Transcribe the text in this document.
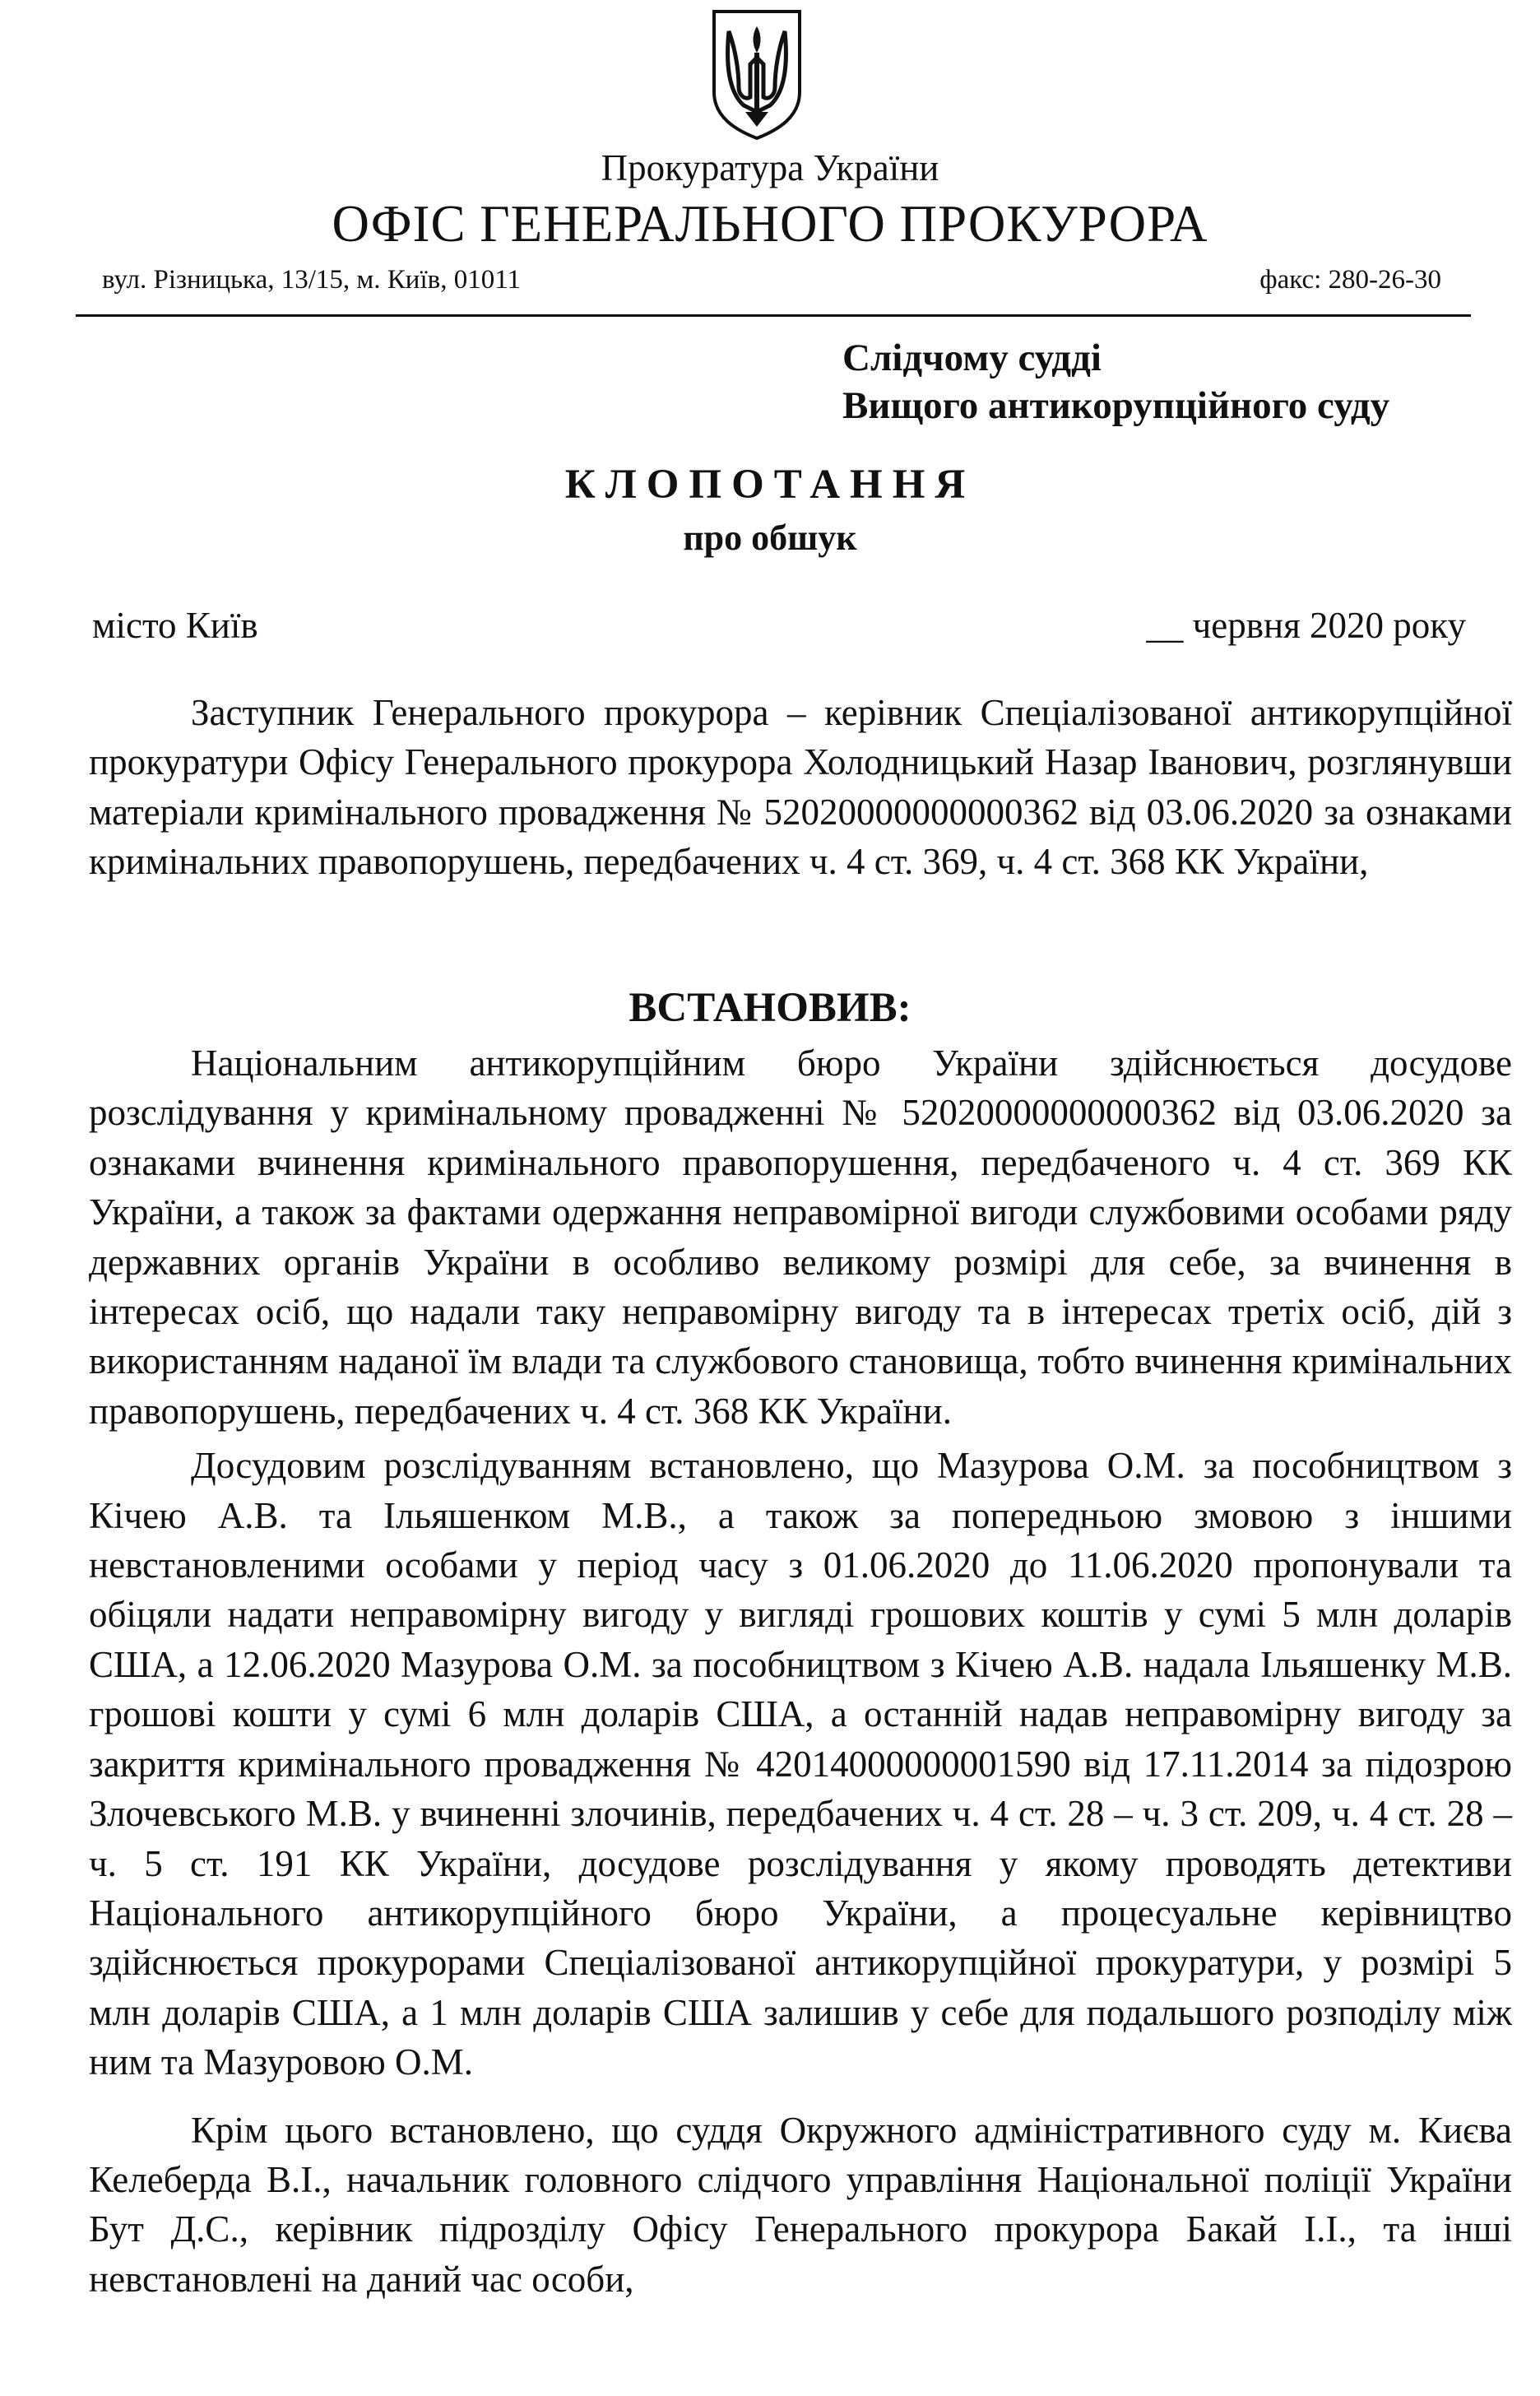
Прокуратура України
ОФІС ГЕНЕРАЛЬНОГО ПРОКУРОРА
вул. Різницька, 13/15, м. Київ, 01011	факс: 280-26-30
Слідчому судді
Вищого антикорупційного суду
КЛОПОТАННЯ
про обшук
місто Київ	__ червня 2020 року

Заступник Генерального прокурора – керівник Спеціалізованої антикорупційної прокуратури Офісу Генерального прокурора Холодницький Назар Іванович, розглянувши матеріали кримінального провадження № 52020000000000362 від 03.06.2020 за ознаками кримінальних правопорушень, передбачених ч. 4 ст. 369, ч. 4 ст. 368 КК України,

ВСТАНОВИВ:

Національним антикорупційним бюро України здійснюється досудове розслідування у кримінальному провадженні № 52020000000000362 від 03.06.2020 за ознаками вчинення кримінального правопорушення, передбаченого ч. 4 ст. 369 КК України, а також за фактами одержання неправомірної вигоди службовими особами ряду державних органів України в особливо великому розмірі для себе, за вчинення в інтересах осіб, що надали таку неправомірну вигоду та в інтересах третіх осіб, дій з використанням наданої їм влади та службового становища, тобто вчинення кримінальних правопорушень, передбачених ч. 4 ст. 368 КК України.

Досудовим розслідуванням встановлено, що Мазурова О.М. за пособництвом з Кічею А.В. та Ільяшенком М.В., а також за попередньою змовою з іншими невстановленими особами у період часу з 01.06.2020 до 11.06.2020 пропонували та обіцяли надати неправомірну вигоду у вигляді грошових коштів у сумі 5 млн доларів США, а 12.06.2020 Мазурова О.М. за пособництвом з Кічею А.В. надала Ільяшенку М.В. грошові кошти у сумі 6 млн доларів США, а останній надав неправомірну вигоду за закриття кримінального провадження № 42014000000001590 від 17.11.2014 за підозрою Злочевського М.В. у вчиненні злочинів, передбачених ч. 4 ст. 28 – ч. 3 ст. 209, ч. 4 ст. 28 – ч. 5 ст. 191 КК України, досудове розслідування у якому проводять детективи Національного антикорупційного бюро України, а процесуальне керівництво здійснюється прокурорами Спеціалізованої антикорупційної прокуратури, у розмірі 5 млн доларів США, а 1 млн доларів США залишив у себе для подальшого розподілу між ним та Мазуровою О.М.

Крім цього встановлено, що суддя Окружного адміністративного суду м. Києва Келеберда В.І., начальник головного слідчого управління Національної поліції України Бут Д.С., керівник підрозділу Офісу Генерального прокурора Бакай І.І., та інші невстановлені на даний час особи,
